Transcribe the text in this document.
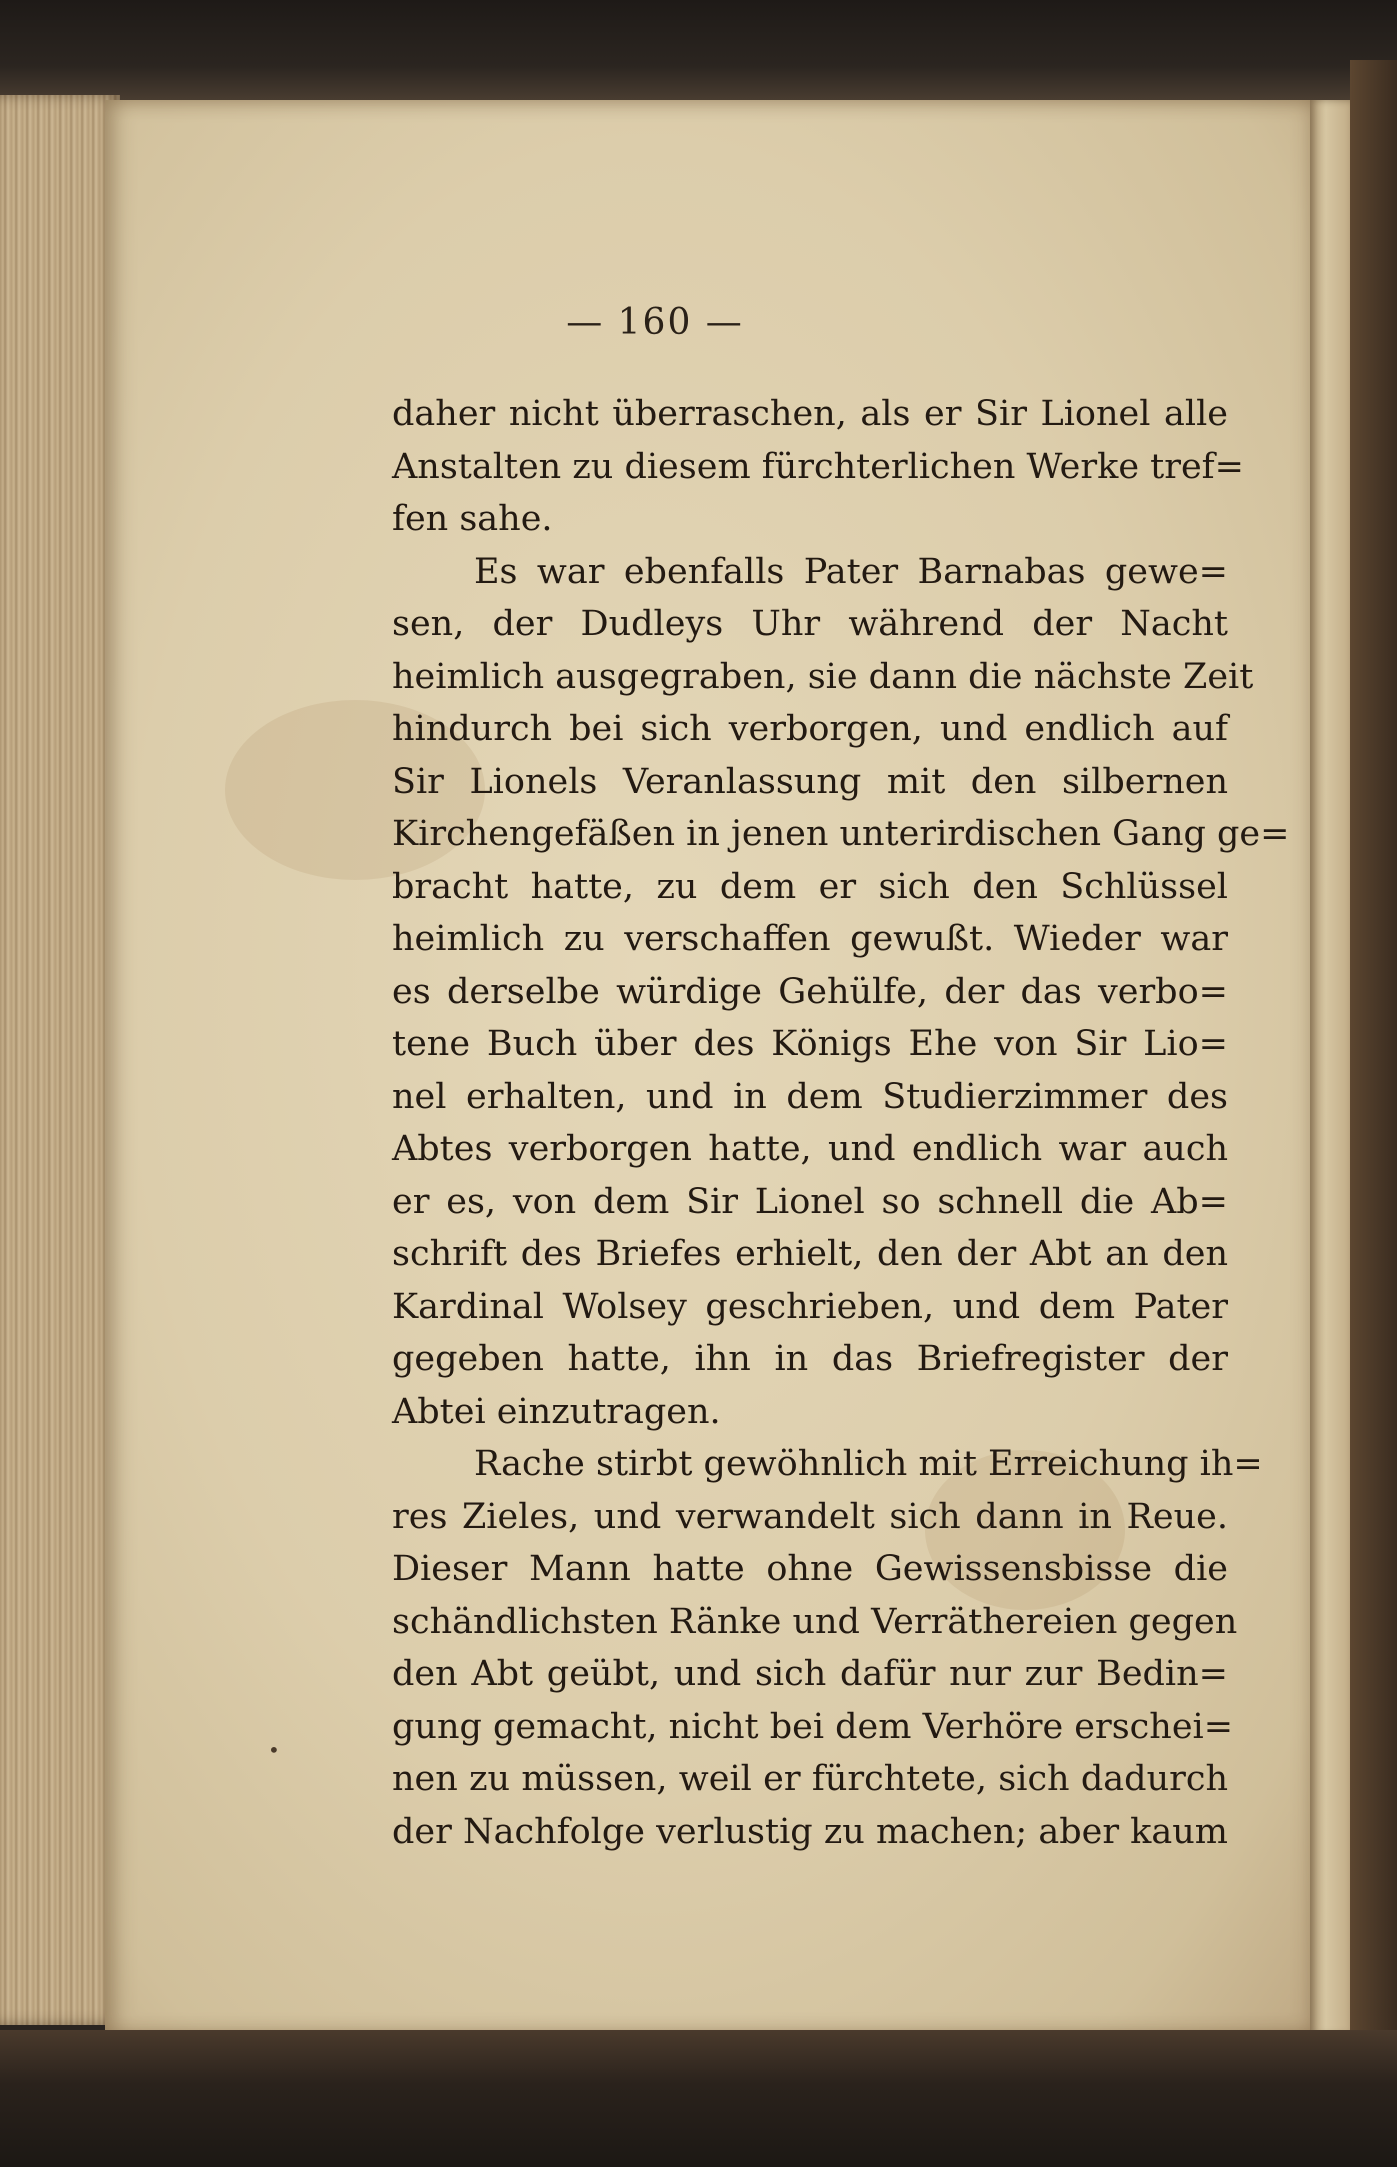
— 160 —
•
daher nicht überraschen, als er Sir Lionel alle
Anstalten zu diesem fürchterlichen Werke tref=
fen sahe.
Es war ebenfalls Pater Barnabas gewe=
sen, der Dudleys Uhr während der Nacht
heimlich ausgegraben, sie dann die nächste Zeit
hindurch bei sich verborgen, und endlich auf
Sir Lionels Veranlassung mit den silbernen
Kirchengefäßen in jenen unterirdischen Gang ge=
bracht hatte, zu dem er sich den Schlüssel
heimlich zu verschaffen gewußt. Wieder war
es derselbe würdige Gehülfe, der das verbo=
tene Buch über des Königs Ehe von Sir Lio=
nel erhalten, und in dem Studierzimmer des
Abtes verborgen hatte, und endlich war auch
er es, von dem Sir Lionel so schnell die Ab=
schrift des Briefes erhielt, den der Abt an den
Kardinal Wolsey geschrieben, und dem Pater
gegeben hatte, ihn in das Briefregister der
Abtei einzutragen.
Rache stirbt gewöhnlich mit Erreichung ih=
res Zieles, und verwandelt sich dann in Reue.
Dieser Mann hatte ohne Gewissensbisse die
schändlichsten Ränke und Verräthereien gegen
den Abt geübt, und sich dafür nur zur Bedin=
gung gemacht, nicht bei dem Verhöre erschei=
nen zu müssen, weil er fürchtete, sich dadurch
der Nachfolge verlustig zu machen; aber kaum
